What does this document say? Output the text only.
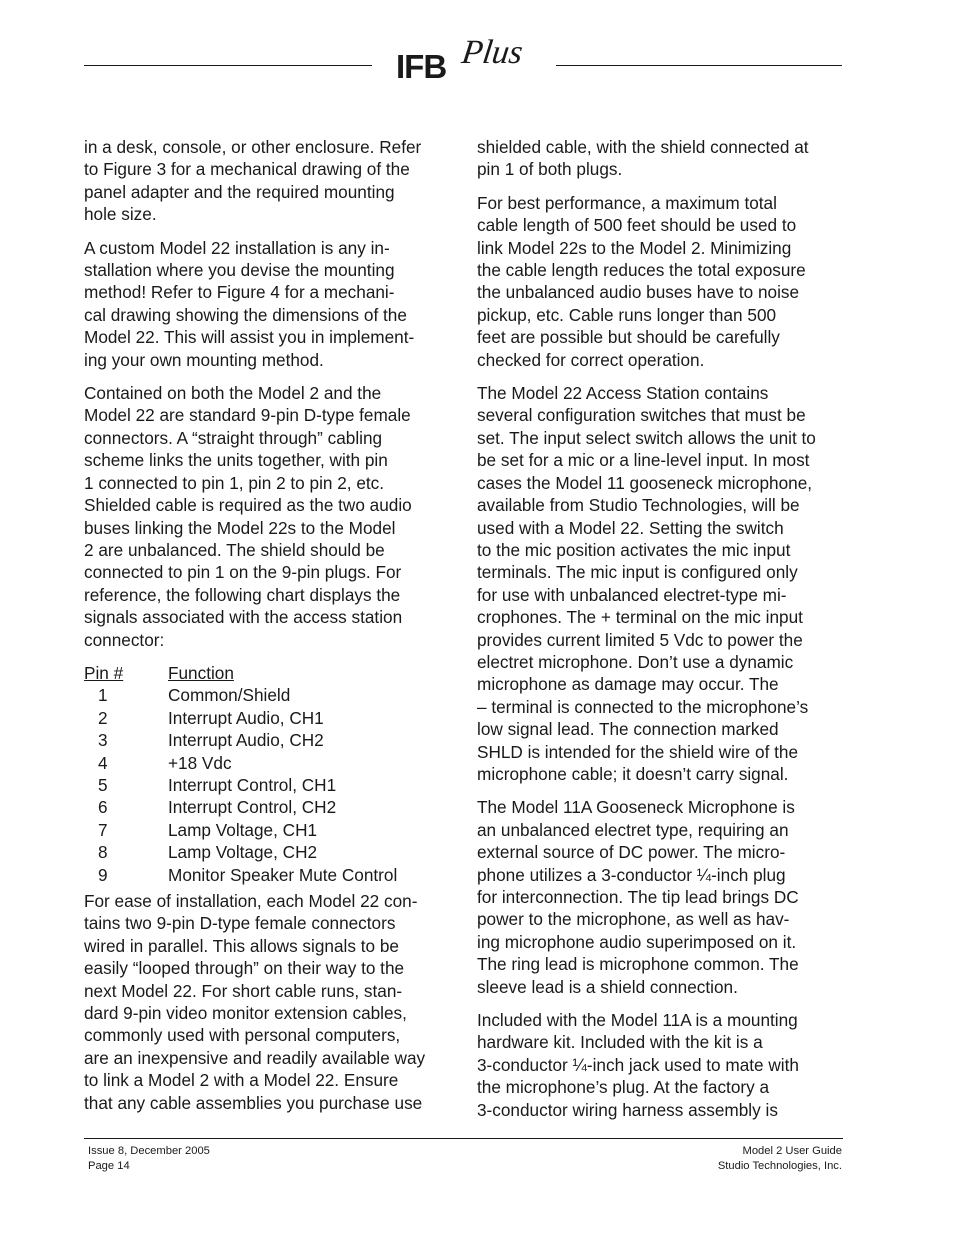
IFB Plus

in a desk, console, or other enclosure. Refer
to Figure 3 for a mechanical drawing of the
panel adapter and the required mounting
hole size.

A custom Model 22 installation is any in-
stallation where you devise the mounting
method! Refer to Figure 4 for a mechani-
cal drawing showing the dimensions of the
Model 22. This will assist you in implement-
ing your own mounting method.

Contained on both the Model 2 and the
Model 22 are standard 9-pin D-type female
connectors. A “straight through” cabling
scheme links the units together, with pin
1 connected to pin 1, pin 2 to pin 2, etc.
Shielded cable is required as the two audio
buses linking the Model 22s to the Model
2 are unbalanced. The shield should be
connected to pin 1 on the 9-pin plugs. For
reference, the following chart displays the
signals associated with the access station
connector:

Pin #	Function
1	Common/Shield
2	Interrupt Audio, CH1
3	Interrupt Audio, CH2
4	+18 Vdc
5	Interrupt Control, CH1
6	Interrupt Control, CH2
7	Lamp Voltage, CH1
8	Lamp Voltage, CH2
9	Monitor Speaker Mute Control

For ease of installation, each Model 22 con-
tains two 9-pin D-type female connectors
wired in parallel. This allows signals to be
easily “looped through” on their way to the
next Model 22. For short cable runs, stan-
dard 9-pin video monitor extension cables,
commonly used with personal computers,
are an inexpensive and readily available way
to link a Model 2 with a Model 22. Ensure
that any cable assemblies you purchase use

shielded cable, with the shield connected at
pin 1 of both plugs.

For best performance, a maximum total
cable length of 500 feet should be used to
link Model 22s to the Model 2. Minimizing
the cable length reduces the total exposure
the unbalanced audio buses have to noise
pickup, etc. Cable runs longer than 500
feet are possible but should be carefully
checked for correct operation.

The Model 22 Access Station contains
several configuration switches that must be
set. The input select switch allows the unit to
be set for a mic or a line-level input. In most
cases the Model 11 gooseneck microphone,
available from Studio Technologies, will be
used with a Model 22. Setting the switch
to the mic position activates the mic input
terminals. The mic input is configured only
for use with unbalanced electret-type mi-
crophones. The + terminal on the mic input
provides current limited 5 Vdc to power the
electret microphone. Don’t use a dynamic
microphone as damage may occur. The
– terminal is connected to the microphone’s
low signal lead. The connection marked
SHLD is intended for the shield wire of the
microphone cable; it doesn’t carry signal.

The Model 11A Gooseneck Microphone is
an unbalanced electret type, requiring an
external source of DC power. The micro-
phone utilizes a 3-conductor ¼-inch plug
for interconnection. The tip lead brings DC
power to the microphone, as well as hav-
ing microphone audio superimposed on it.
The ring lead is microphone common. The
sleeve lead is a shield connection.

Included with the Model 11A is a mounting
hardware kit. Included with the kit is a
3-conductor ¼-inch jack used to mate with
the microphone’s plug. At the factory a
3-conductor wiring harness assembly is

Issue 8, December 2005
Page 14
Model 2 User Guide
Studio Technologies, Inc.
